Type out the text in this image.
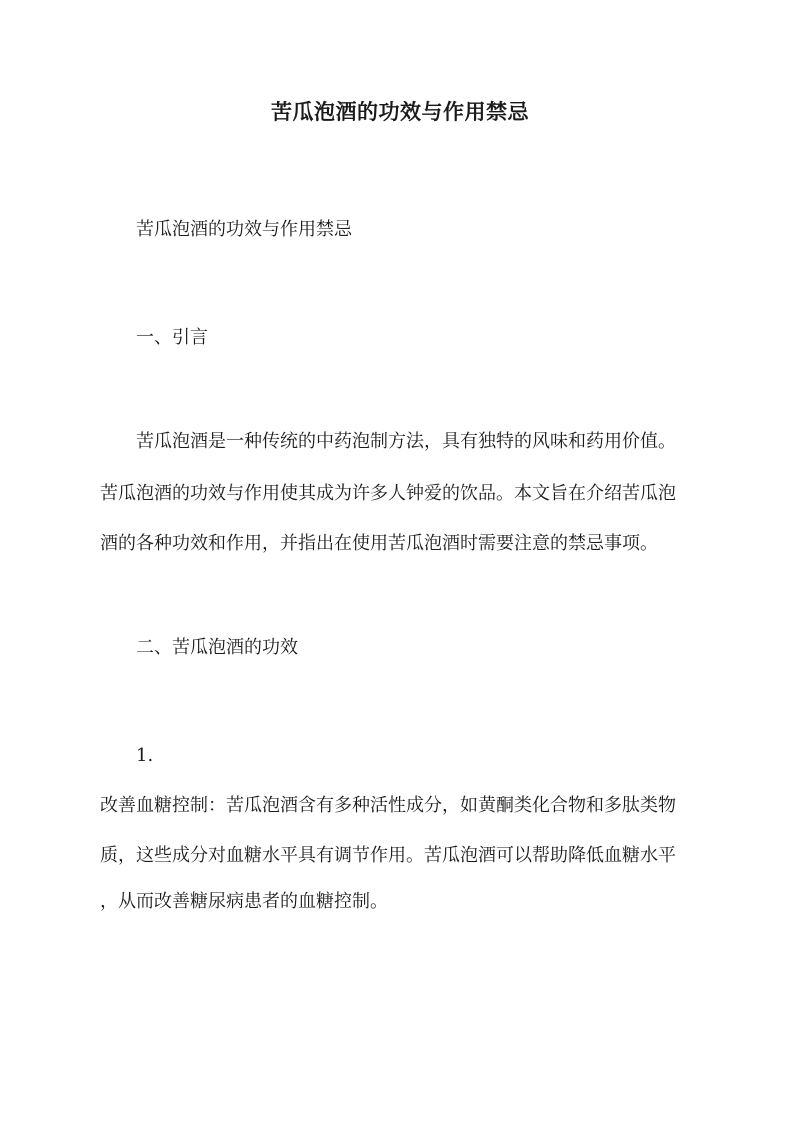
苦瓜泡酒的功效与作用禁忌
苦瓜泡酒的功效与作用禁忌
一、引言
苦瓜泡酒是一种传统的中药泡制方法，具有独特的风味和药用价值。
苦瓜泡酒的功效与作用使其成为许多人钟爱的饮品。本文旨在介绍苦瓜泡
酒的各种功效和作用，并指出在使用苦瓜泡酒时需要注意的禁忌事项。
二、苦瓜泡酒的功效
1.
改善血糖控制：苦瓜泡酒含有多种活性成分，如黄酮类化合物和多肽类物
质，这些成分对血糖水平具有调节作用。苦瓜泡酒可以帮助降低血糖水平
，从而改善糖尿病患者的血糖控制。
